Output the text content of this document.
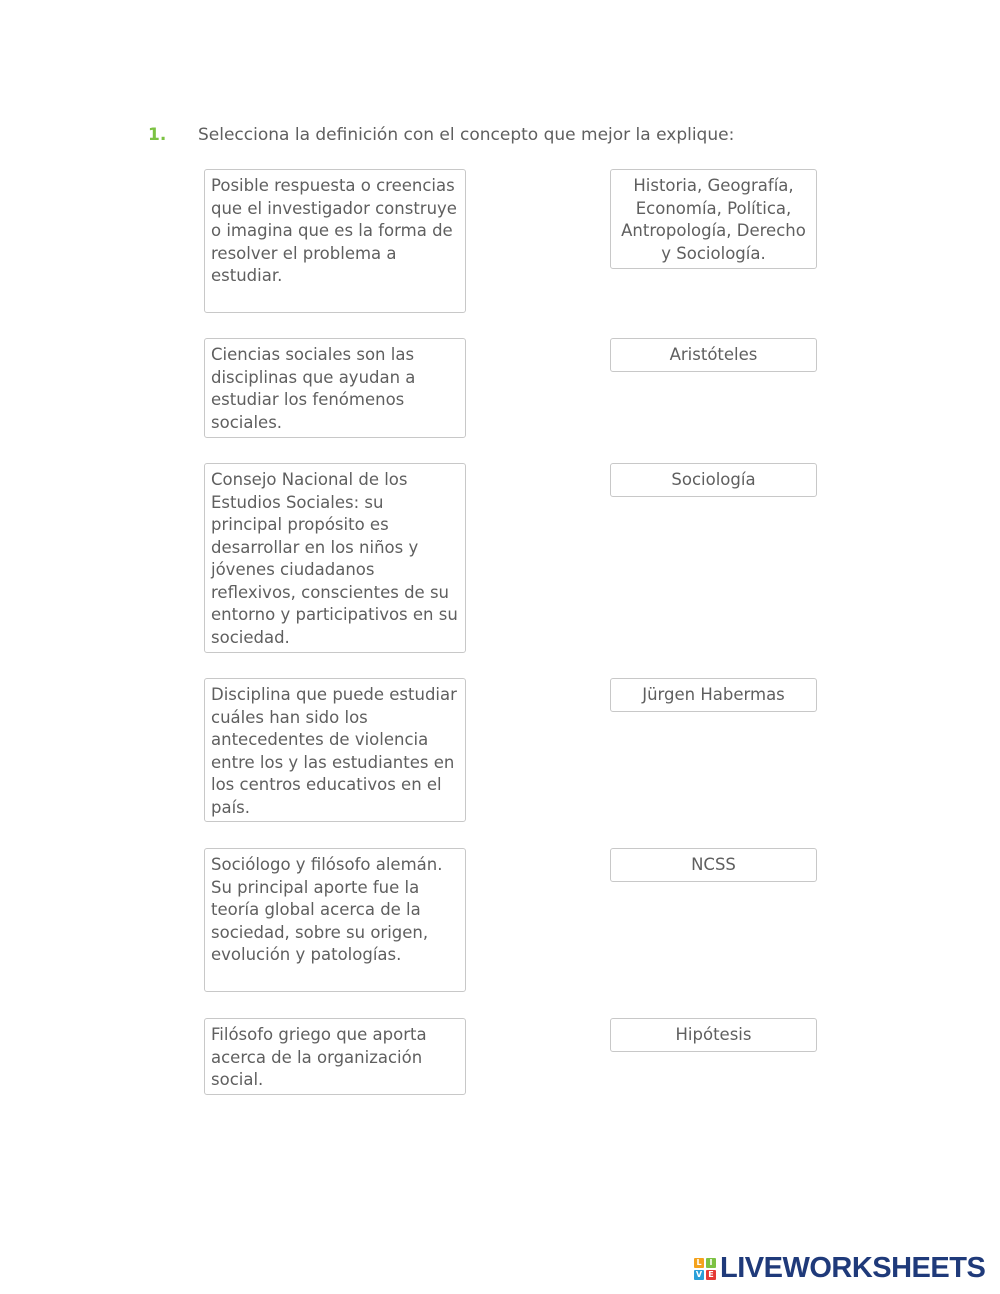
1. Selecciona la definición con el concepto que mejor la explique:
Posible respuesta o creencias que el investigador construye o imagina que es la forma de resolver el problema a estudiar.
Ciencias sociales son las disciplinas que ayudan a estudiar los fenómenos sociales.
Consejo Nacional de los Estudios Sociales: su principal propósito es desarrollar en los niños y jóvenes ciudadanos reflexivos, conscientes de su entorno y participativos en su sociedad.
Disciplina que puede estudiar cuáles han sido los antecedentes de violencia entre los y las estudiantes en los centros educativos en el país.
Sociólogo y filósofo alemán. Su principal aporte fue la teoría global acerca de la sociedad, sobre su origen, evolución y patologías.
Filósofo griego que aporta acerca de la organización social.
Historia, Geografía, Economía, Política, Antropología, Derecho y Sociología.
Aristóteles
Sociología
Jürgen Habermas
NCSS
Hipótesis
L I
V E LIVEWORKSHEETS
